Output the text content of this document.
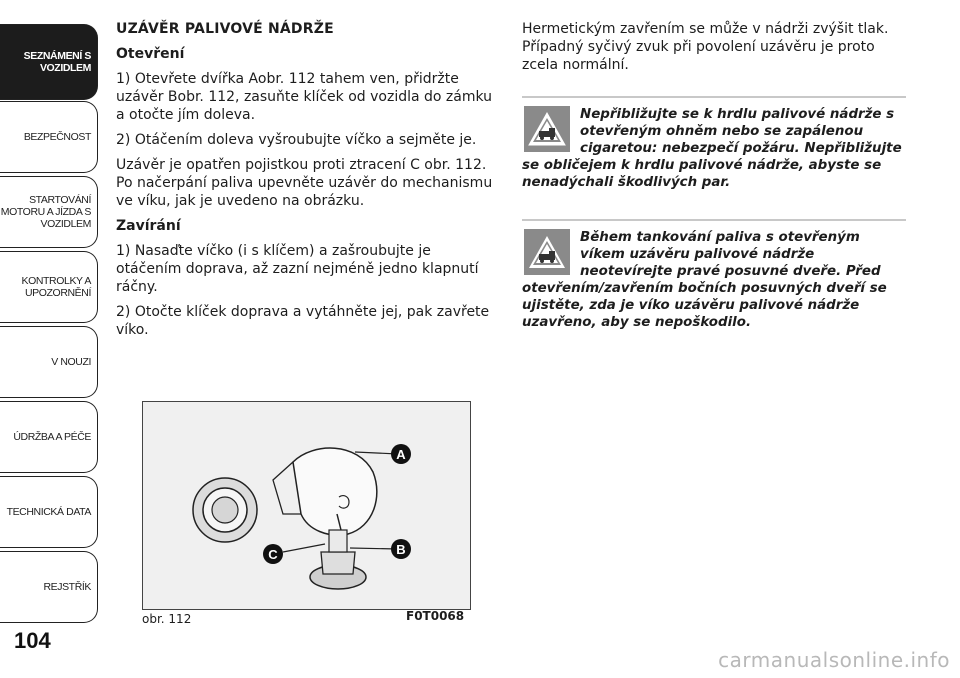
SEZNÁMENÍ S VOZIDLEM
BEZPEČNOST
STARTOVÁNÍ MOTORU A JÍZDA S VOZIDLEM
KONTROLKY A UPOZORNĚNÍ
V NOUZI
ÚDRŽBA A PÉČE
TECHNICKÁ DATA
REJSTŘÍK
104
UZÁVĚR PALIVOVÉ NÁDRŽE
Otevření

1) Otevřete dvířka Aobr. 112 tahem ven, přidržte uzávěr Bobr. 112, zasuňte klíček od vozidla do zámku a otočte jím doleva.

2) Otáčením doleva vyšroubujte víčko a sejměte je.

Uzávěr je opatřen pojistkou proti ztracení C obr. 112. Po načerpání paliva upevněte uzávěr do mechanismu ve víku, jak je uvedeno na obrázku.

Zavírání

1) Nasaďte víčko (i s klíčem) a zašroubujte je otáčením doprava, až zazní nejméně jedno klapnutí ráčny.

2) Otočte klíček doprava a vytáhněte jej, pak zavřete víko.

Hermetickým zavřením se může v nádrži zvýšit tlak. Případný syčivý zvuk při povolení uzávěru je proto zcela normální.

Nepřibližujte se k hrdlu palivové nádrže s otevřeným ohněm nebo se zapálenou cigaretou: nebezpečí požáru. Nepřibližujte se obličejem k hrdlu palivové nádrže, abyste se nenadýchali škodlivých par.
Během tankování paliva s otevřeným víkem uzávěru palivové nádrže neotevírejte pravé posuvné dveře. Před otevřením/zavřením bočních posuvných dveří se ujistěte, zda je víko uzávěru palivové nádrže uzavřeno, aby se nepoškodilo.
A
B
C
obr. 112	F0T0068
carmanualsonline.info
